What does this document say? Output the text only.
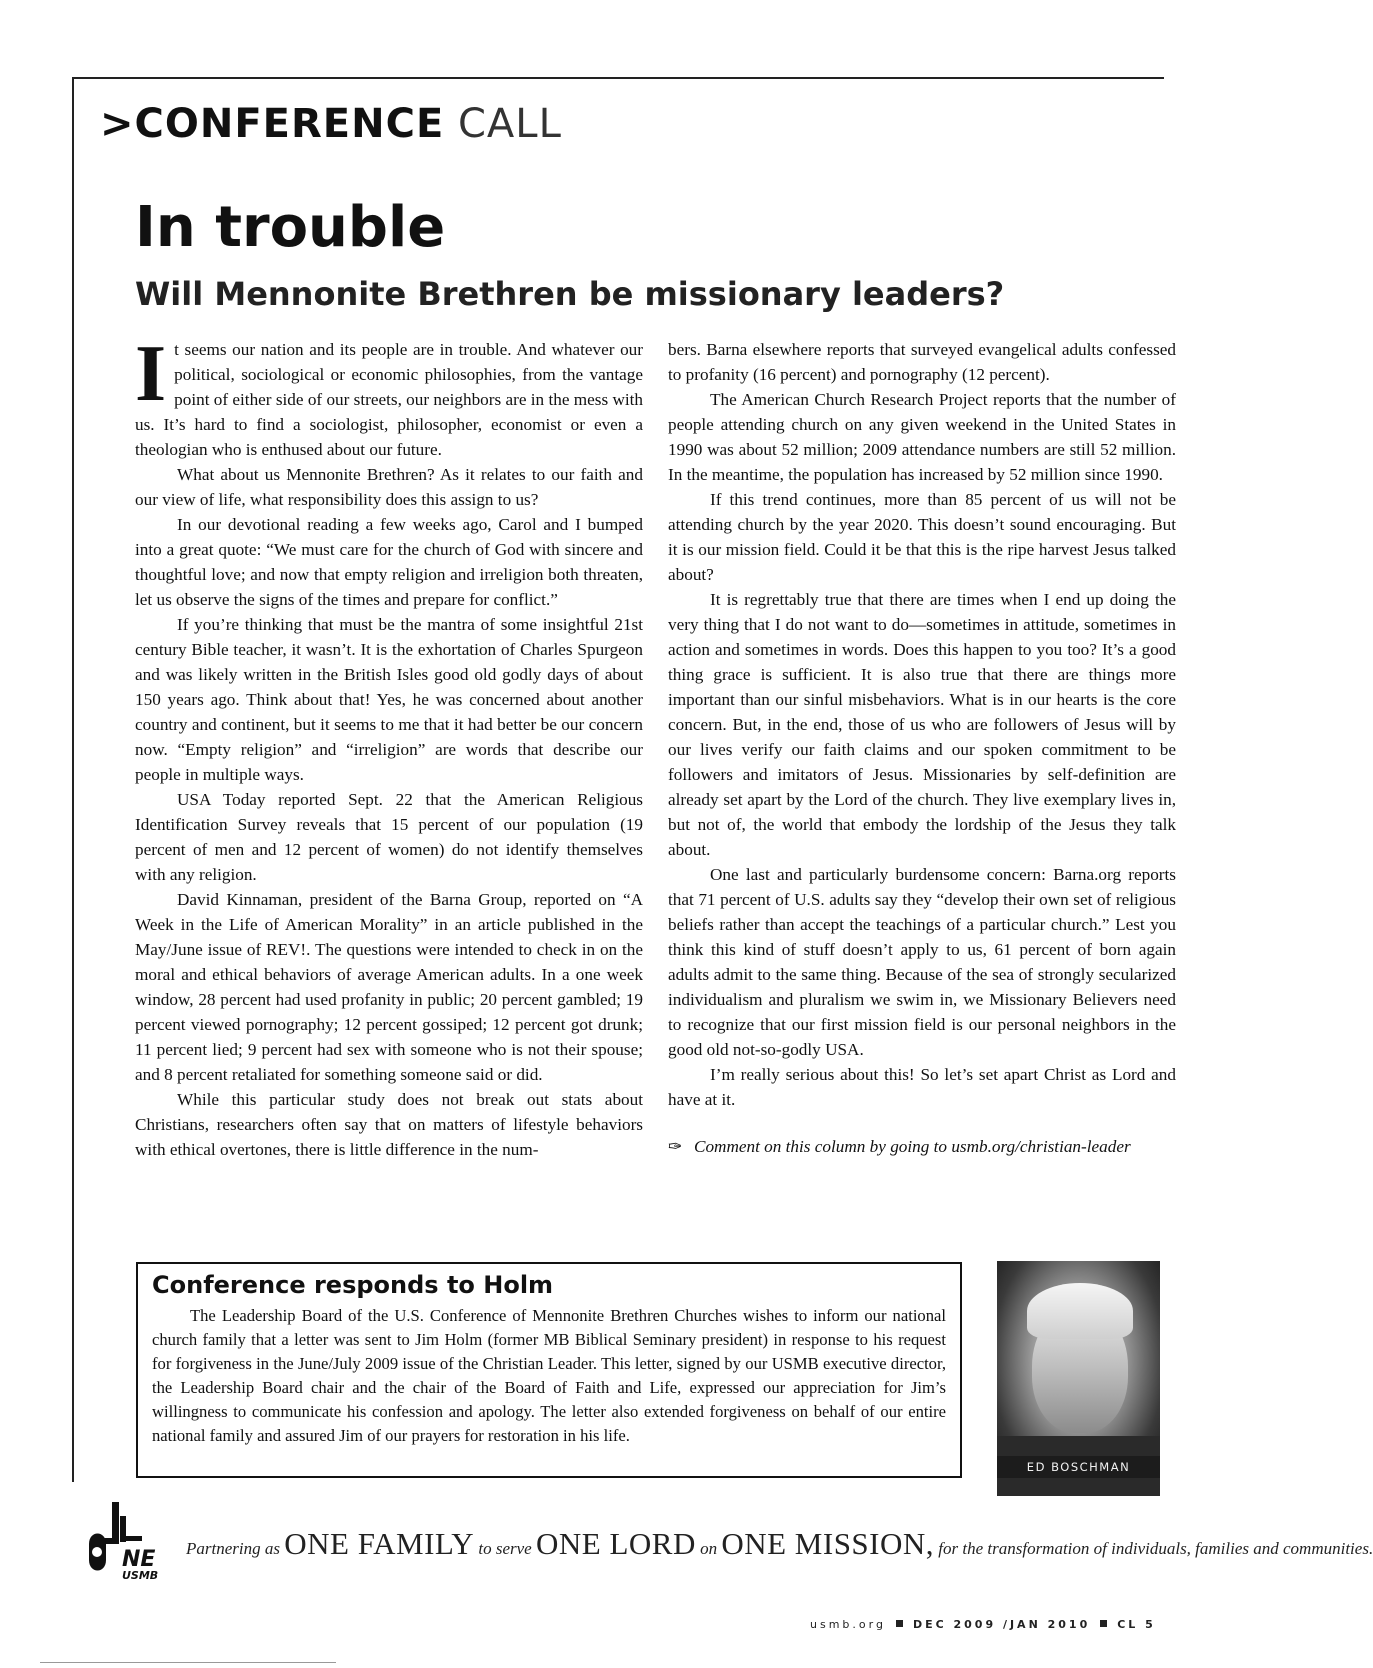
>CONFERENCE CALL
In trouble
Will Mennonite Brethren be missionary leaders?

It seems our nation and its people are in trouble. And whatever our political, sociological or economic philosophies, from the vantage point of either side of our streets, our neighbors are in the mess with us. It’s hard to find a sociologist, philosopher, economist or even a theologian who is enthused about our future.

What about us Mennonite Brethren? As it relates to our faith and our view of life, what responsibility does this assign to us?

In our devotional reading a few weeks ago, Carol and I bumped into a great quote: “We must care for the church of God with sincere and thoughtful love; and now that empty religion and irreligion both threaten, let us observe the signs of the times and prepare for conflict.”

If you’re thinking that must be the mantra of some insightful 21st century Bible teacher, it wasn’t. It is the exhortation of Charles Spurgeon and was likely written in the British Isles good old godly days of about 150 years ago. Think about that! Yes, he was concerned about another country and continent, but it seems to me that it had better be our concern now. “Empty religion” and “irreligion” are words that describe our people in multiple ways.

USA Today reported Sept. 22 that the American Religious Identification Survey reveals that 15 percent of our population (19 percent of men and 12 percent of women) do not identify themselves with any religion.

David Kinnaman, president of the Barna Group, reported on “A Week in the Life of American Morality” in an article published in the May/June issue of REV!. The questions were intended to check in on the moral and ethical behaviors of average American adults. In a one week window, 28 percent had used profanity in public; 20 percent gambled; 19 percent viewed pornography; 12 percent gossiped; 12 percent got drunk; 11 percent lied; 9 percent had sex with someone who is not their spouse; and 8 percent retaliated for something someone said or did.

While this particular study does not break out stats about Christians, researchers often say that on matters of lifestyle behaviors with ethical overtones, there is little difference in the num-

bers. Barna elsewhere reports that surveyed evangelical adults confessed to profanity (16 percent) and pornography (12 percent).

The American Church Research Project reports that the number of people attending church on any given weekend in the United States in 1990 was about 52 million; 2009 attendance numbers are still 52 million. In the meantime, the population has increased by 52 million since 1990.

If this trend continues, more than 85 percent of us will not be attending church by the year 2020. This doesn’t sound encouraging. But it is our mission field. Could it be that this is the ripe harvest Jesus talked about?

It is regrettably true that there are times when I end up doing the very thing that I do not want to do—sometimes in attitude, sometimes in action and sometimes in words. Does this happen to you too? It’s a good thing grace is sufficient. It is also true that there are things more important than our sinful misbehaviors. What is in our hearts is the core concern. But, in the end, those of us who are followers of Jesus will by our lives verify our faith claims and our spoken commitment to be followers and imitators of Jesus. Missionaries by self-definition are already set apart by the Lord of the church. They live exemplary lives in, but not of, the world that embody the lordship of the Jesus they talk about.

One last and particularly burdensome concern: Barna.org reports that 71 percent of U.S. adults say they “develop their own set of religious beliefs rather than accept the teachings of a particular church.” Lest you think this kind of stuff doesn’t apply to us, 61 percent of born again adults admit to the same thing. Because of the sea of strongly secularized individualism and pluralism we swim in, we Missionary Believers need to recognize that our first mission field is our personal neighbors in the good old not-so-godly USA.

I’m really serious about this! So let’s set apart Christ as Lord and have at it.

✑ Comment on this column by going to usmb.org/christian-leader

Conference responds to Holm

The Leadership Board of the U.S. Conference of Mennonite Brethren Churches wishes to inform our national church family that a letter was sent to Jim Holm (former MB Biblical Seminary president) in response to his request for forgiveness in the June/July 2009 issue of the Christian Leader. This letter, signed by our USMB executive director, the Leadership Board chair and the chair of the Board of Faith and Life, expressed our appreciation for Jim’s willingness to communicate his confession and apology. The letter also extended forgiveness on behalf of our entire national family and assured Jim of our prayers for restoration in his life.

ED BOSCHMAN
NE
USMB
Partnering as ONE FAMILY to serve ONE LORD on ONE MISSION, for the transformation of individuals, families and communities.
usmb.org DEC 2009 /JAN 2010 CL 5
